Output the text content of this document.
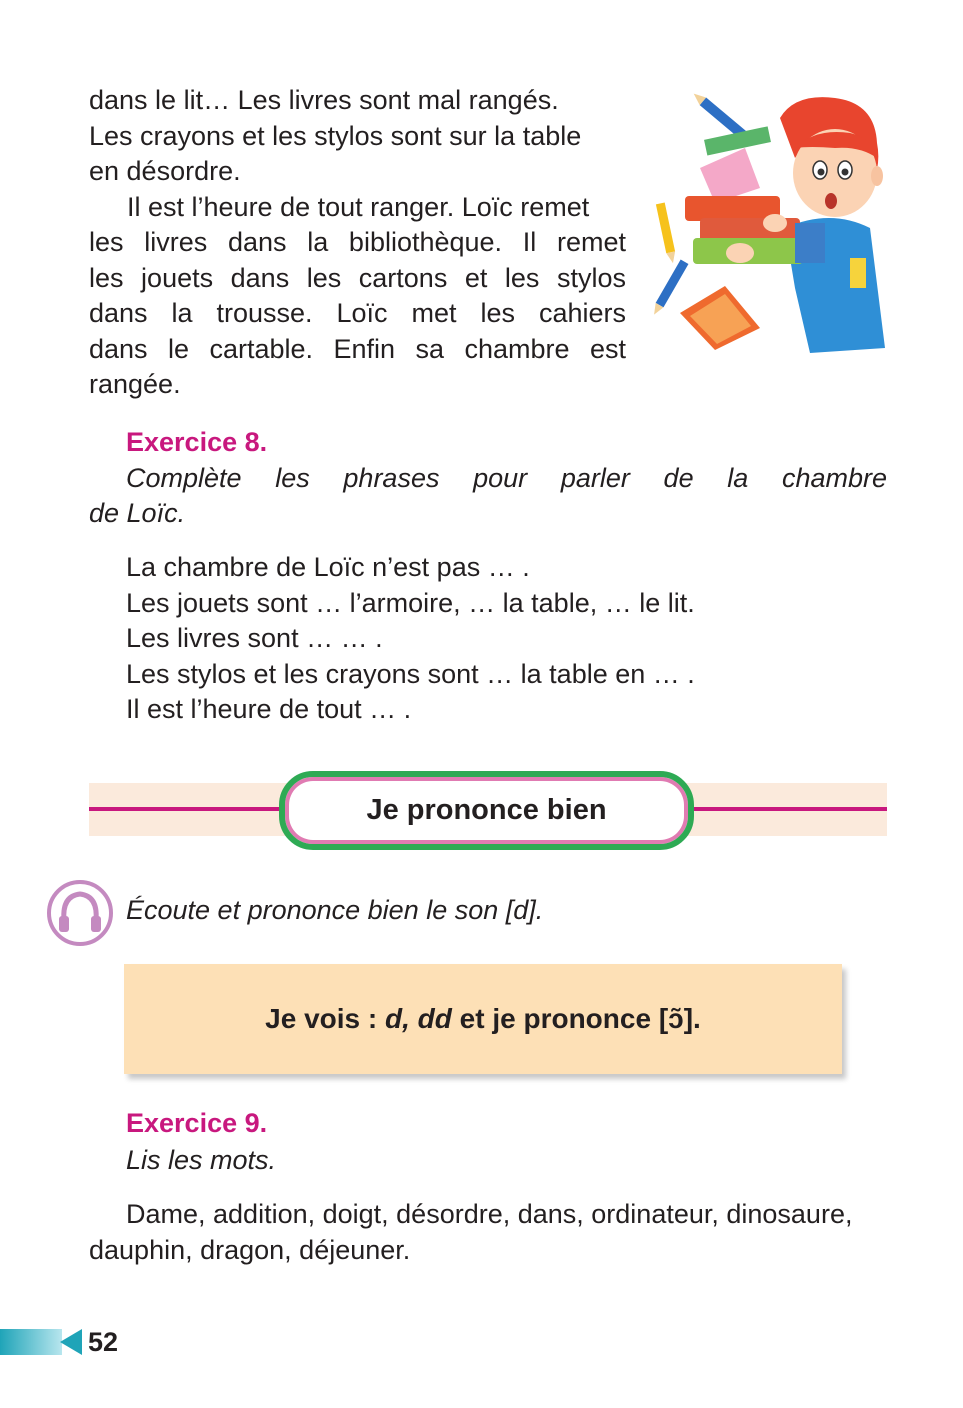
dans le lit… Les livres sont mal rangés.

Les crayons et les stylos sont sur la table

en désordre.

Il est l’heure de tout ranger. Loïc remet

les livres dans la bibliothèque. Il remet

les jouets dans les cartons et les stylos

dans la trousse. Loïc met les cahiers

dans le cartable. Enfin sa chambre est

rangée.

Exercice 8.
Complète les phrases pour parler de la chambre
de Loïc.
La chambre de Loïc n’est pas … .
Les jouets sont … l’armoire, … la table, … le lit.
Les livres sont … … .
Les stylos et les crayons sont … la table en … .
Il est l’heure de tout … .
Je prononce bien
Écoute et prononce bien le son [d].
Je vois : d, dd et je prononce [ɔ̃].
Exercice 9.
Lis les mots.
Dame, addition, doigt, désordre, dans, ordinateur, dinosaure,
dauphin, dragon, déjeuner.
52
